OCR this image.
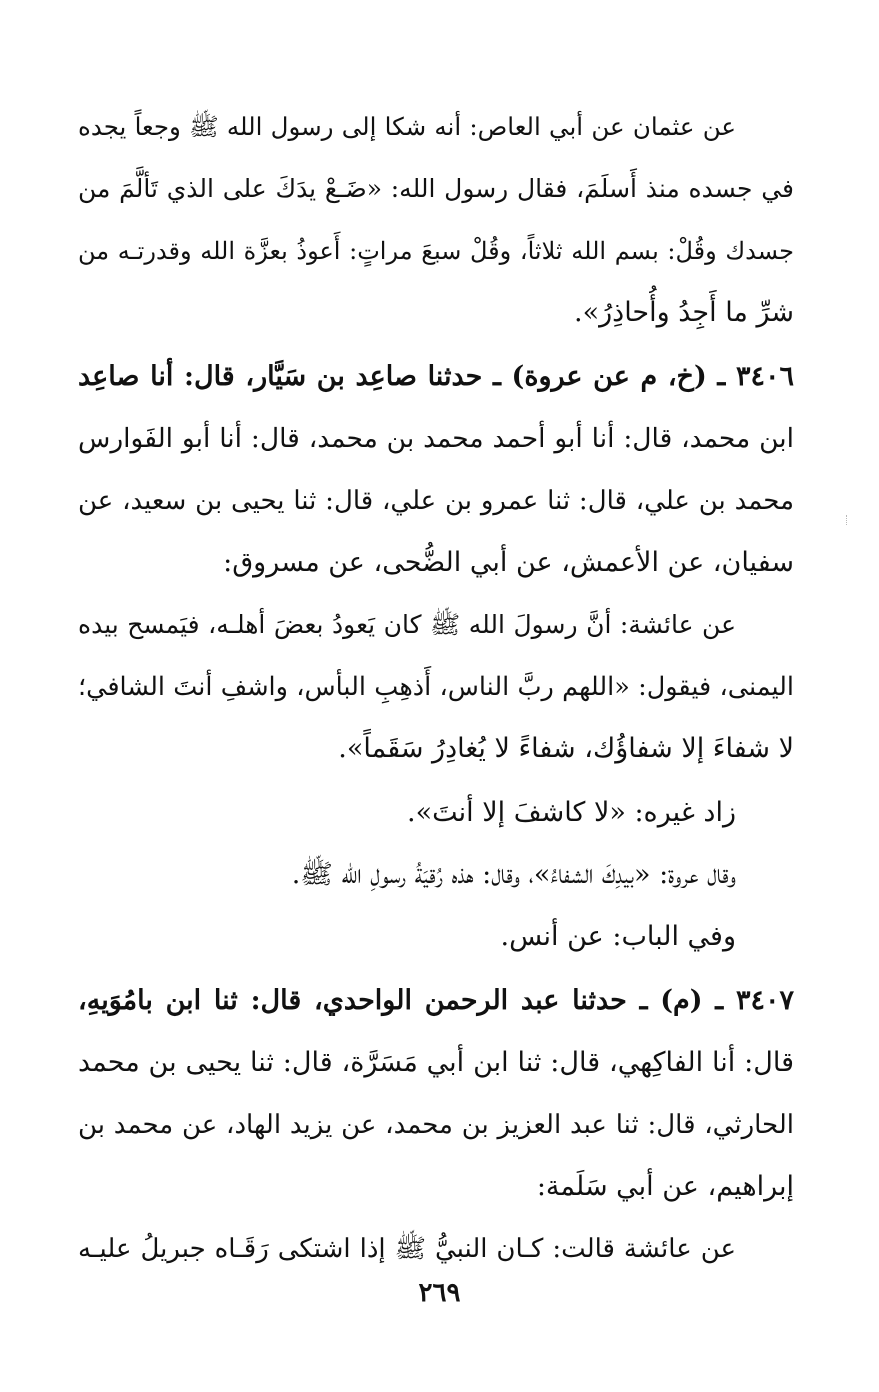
عن عثمان عن أبي العاص: أنه شكا إلى رسول الله ﷺ وجعاً يجده
في جسده منذ أَسلَمَ، فقال رسول الله: «ضَـعْ يدَكَ على الذي تَألَّمَ من
جسدك وقُلْ: بسم الله ثلاثاً، وقُلْ سبعَ مراتٍ: أَعوذُ بعزَّة الله وقدرتـه من
شرِّ ما أَجِدُ وأُحاذِرُ».
٣٤٠٦ ـ (خ، م عن عروة) ـ حدثنا صاعِد بن سَيَّار، قال: أنا صاعِد
ابن محمد، قال: أنا أبو أحمد محمد بن محمد، قال: أنا أبو الفَوارس
محمد بن علي، قال: ثنا عمرو بن علي، قال: ثنا يحيى بن سعيد، عن
سفيان، عن الأعمش، عن أبي الضُّحى، عن مسروق:
عن عائشة: أنَّ رسولَ الله ﷺ كان يَعودُ بعضَ أهلـه، فيَمسح بيده
اليمنى، فيقول: «اللهم ربَّ الناس، أَذهِبِ البأس، واشفِ أنتَ الشافي؛
لا شفاءَ إلا شفاؤُك، شفاءً لا يُغادِرُ سَقَماً».
زاد غيره: «لا كاشفَ إلا أنتَ».
وقال عروة: «بيدِكَ الشفاءُ»، وقال: هذه رُقيَةُ رسولِ الله ﷺ.
وفي الباب: عن أنس.
٣٤٠٧ ـ (م) ـ حدثنا عبد الرحمن الواحدي، قال: ثنا ابن بامُوَيهِ،
قال: أنا الفاكِهي، قال: ثنا ابن أبي مَسَرَّة، قال: ثنا يحيى بن محمد
الحارثي، قال: ثنا عبد العزيز بن محمد، عن يزيد الهاد، عن محمد بن
إبراهيم، عن أبي سَلَمة:
عن عائشة قالت: كـان النبيُّ ﷺ إذا اشتكى رَقَـاه جبريلُ عليـه
٢٦٩
